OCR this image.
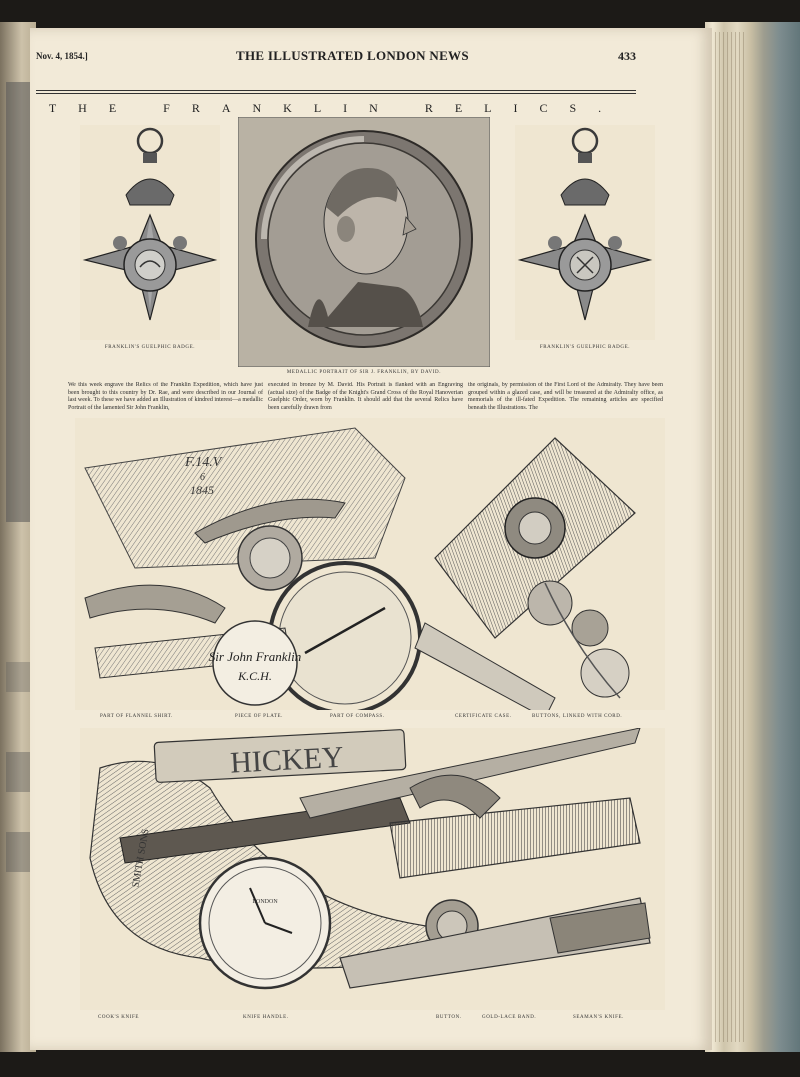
Nov. 4, 1854.]	THE ILLUSTRATED LONDON NEWS	433
THE FRANKLIN RELICS.
FRANKLIN'S GUELPHIC BADGE.
MEDALLIC PORTRAIT OF SIR J. FRANKLIN, BY DAVID.
FRANKLIN'S GUELPHIC BADGE.
We this week engrave the Relics of the Franklin Expedition, which have just been brought to this country by Dr. Rae, and were described in our Journal of last week. To these we have added an Illustration of kindred interest—a medallic Portrait of the lamented Sir John Franklin,
executed in bronze by M. David. His Portrait is flanked with an Engraving (actual size) of the Badge of the Knight's Grand Cross of the Royal Hanoverian Guelphic Order, worn by Franklin. It should add that the several Relics have been carefully drawn from
the originals, by permission of the First Lord of the Admiralty. They have been grouped within a glazed case, and will be treasured at the Admiralty office, as memorials of the ill-fated Expedition. The remaining articles are specified beneath the Illustrations. The
Sir John Franklin
K.C.H.
F.14.V
6
1845
PART OF FLANNEL SHIRT.	PIECE OF PLATE.	PART OF COMPASS.	CERTIFICATE CASE.	BUTTONS, LINKED WITH CORD.
HICKEY
LONDON
SMITH SONS
COOK'S KNIFE	KNIFE HANDLE.	BUTTON.	GOLD-LACE BAND.	SEAMAN'S KNIFE.
